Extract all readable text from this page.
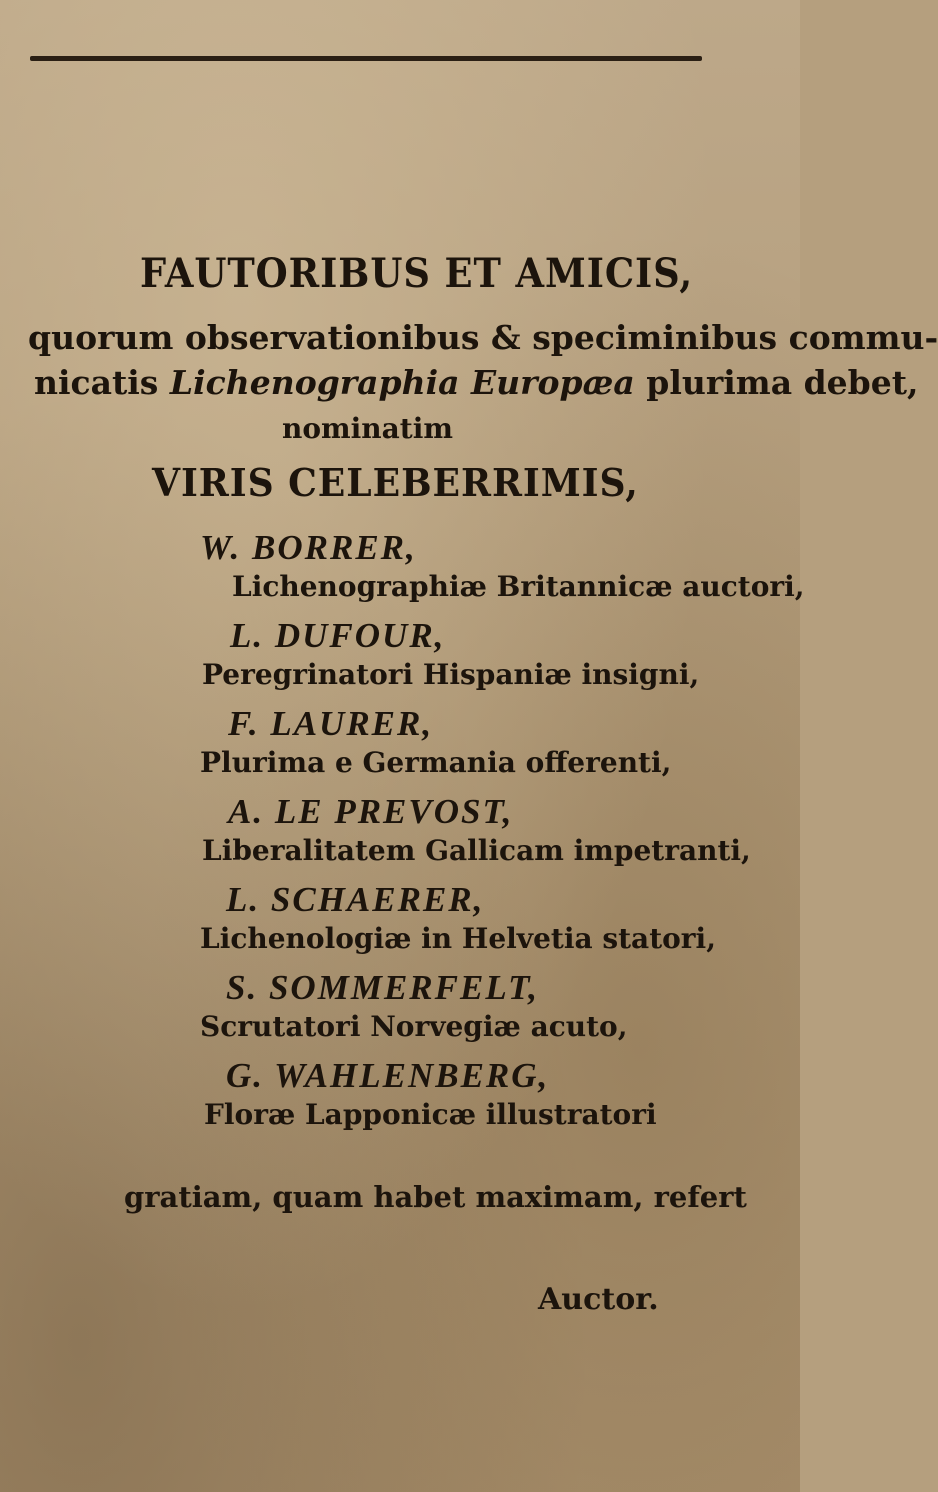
FAUTORIBUS ET AMICIS,
quorum observationibus & speciminibus commu-
nicatis Lichenographia Europæa plurima debet,
nominatim
VIRIS CELEBERRIMIS,
W. BORRER,
Lichenographiæ Britannicæ auctori,
L. DUFOUR,
Peregrinatori Hispaniæ insigni,
F. LAURER,
Plurima e Germania offerenti,
A. LE PREVOST,
Liberalitatem Gallicam impetranti,
L. SCHAERER,
Lichenologiæ in Helvetia statori,
S. SOMMERFELT,
Scrutatori Norvegiæ acuto,
G. WAHLENBERG,
Floræ Lapponicæ illustratori
gratiam, quam habet maximam, refert
Auctor.
